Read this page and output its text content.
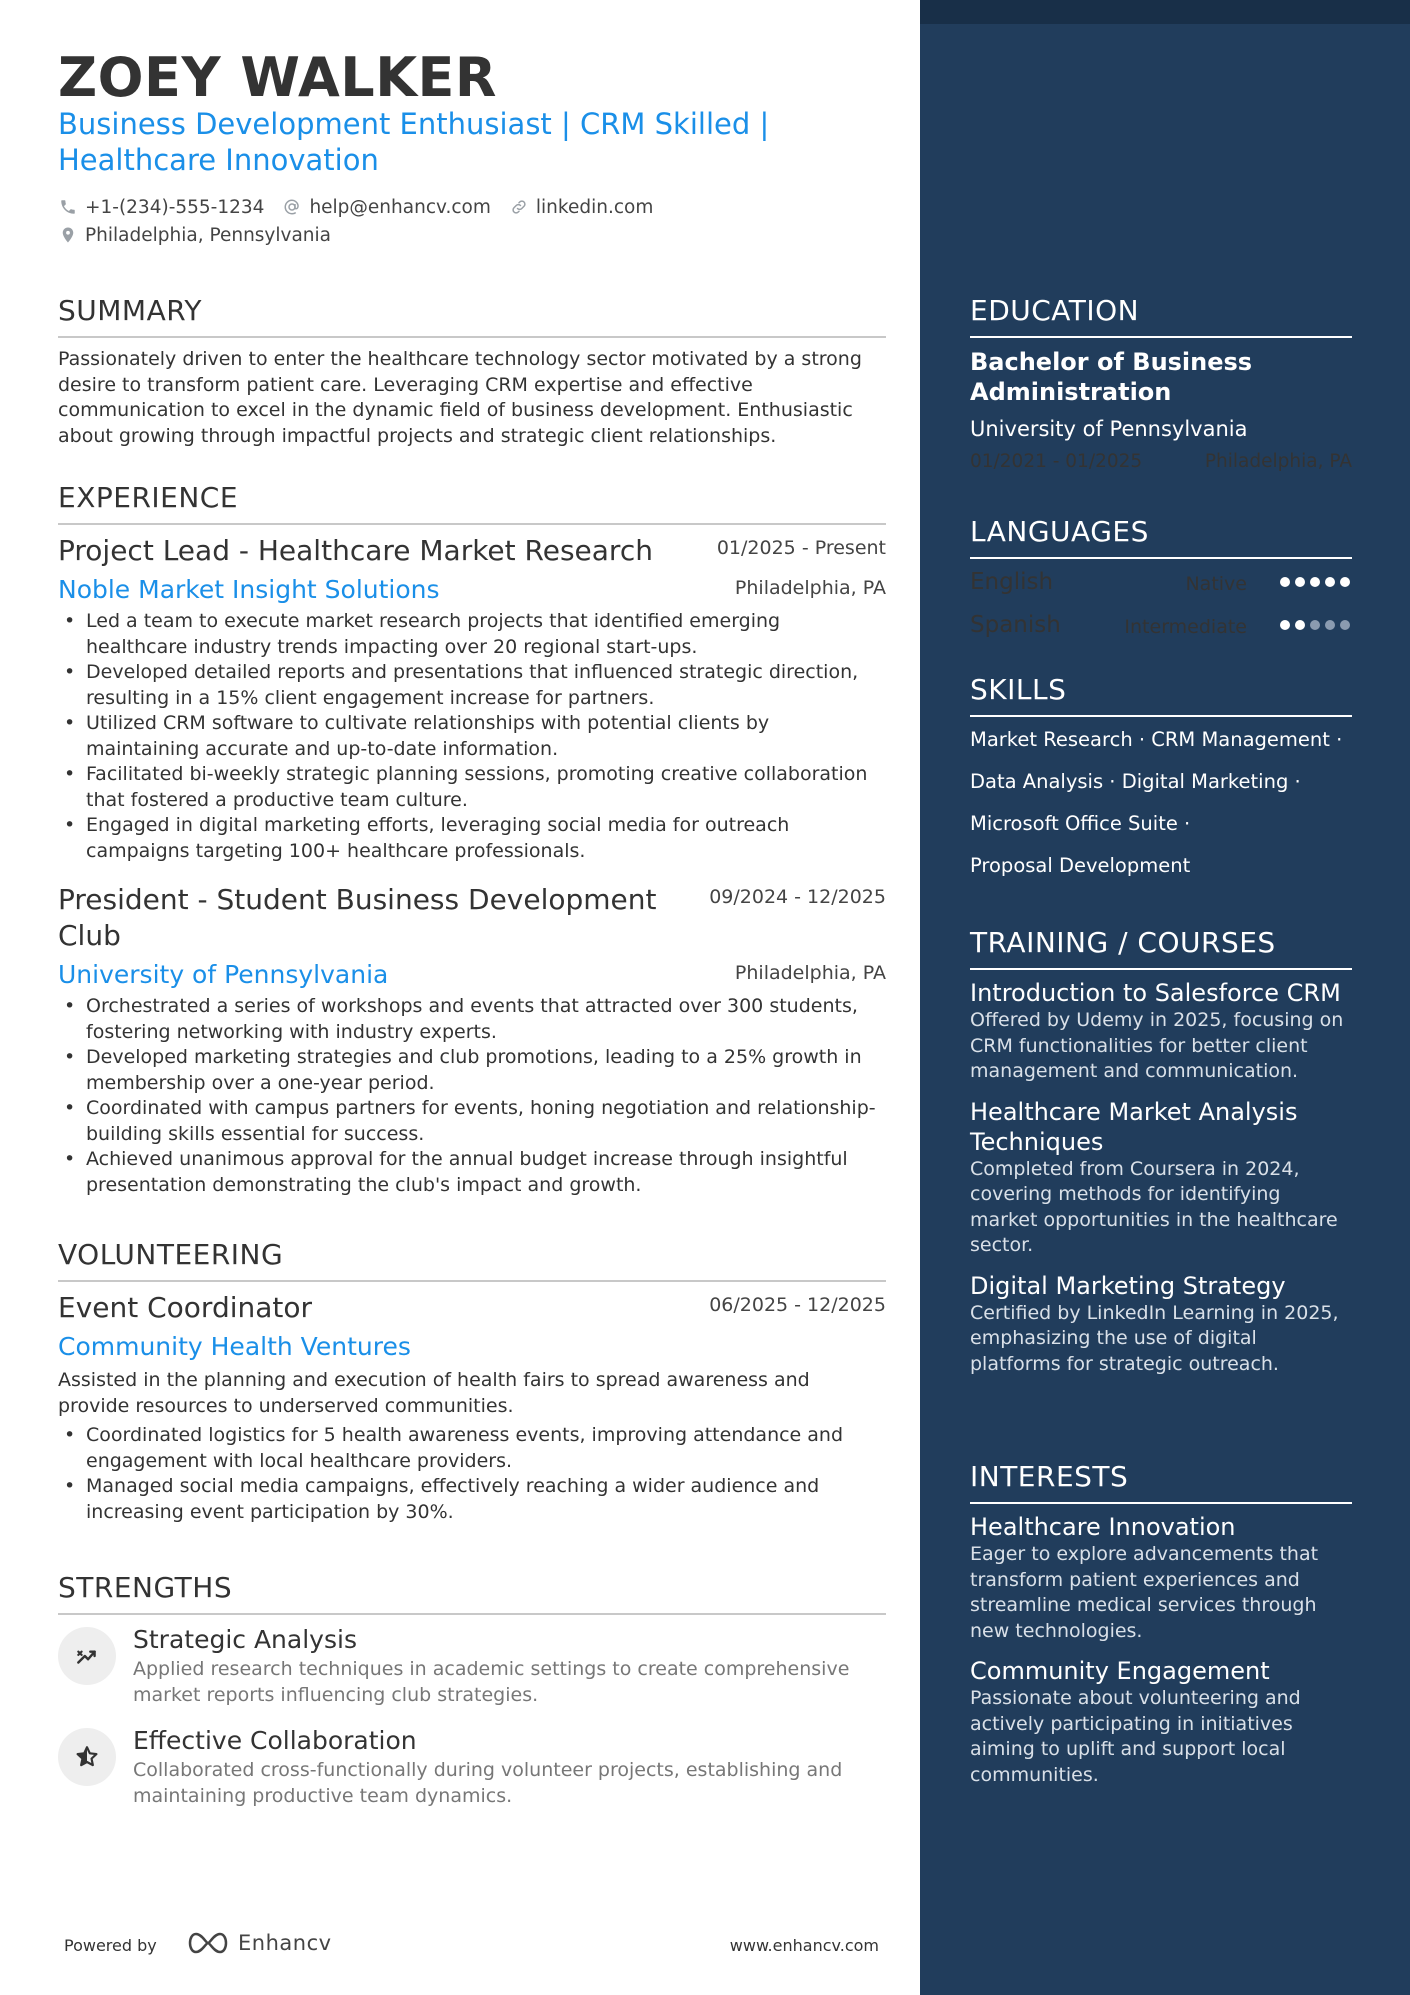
ZOEY WALKER
Business Development Enthusiast | CRM Skilled | Healthcare Innovation
+1-(234)-555-1234 help@enhancv.com linkedin.com
Philadelphia, Pennsylvania
SUMMARY
Passionately driven to enter the healthcare technology sector motivated by a strong desire to transform patient care. Leveraging CRM expertise and effective communication to excel in the dynamic field of business development. Enthusiastic about growing through impactful projects and strategic client relationships.
EXPERIENCE
Project Lead - Healthcare Market Research	01/2025 - Present
Noble Market Insight Solutions	Philadelphia, PA
• Led a team to execute market research projects that identified emerging healthcare industry trends impacting over 20 regional start-ups.
• Developed detailed reports and presentations that influenced strategic direction, resulting in a 15% client engagement increase for partners.
• Utilized CRM software to cultivate relationships with potential clients by maintaining accurate and up-to-date information.
• Facilitated bi-weekly strategic planning sessions, promoting creative collaboration that fostered a productive team culture.
• Engaged in digital marketing efforts, leveraging social media for outreach campaigns targeting 100+ healthcare professionals.
President - Student Business Development Club
09/2024 - 12/2025
University of Pennsylvania	Philadelphia, PA
• Orchestrated a series of workshops and events that attracted over 300 students, fostering networking with industry experts.
• Developed marketing strategies and club promotions, leading to a 25% growth in membership over a one-year period.
• Coordinated with campus partners for events, honing negotiation and relationship-building skills essential for success.
• Achieved unanimous approval for the annual budget increase through insightful presentation demonstrating the club's impact and growth.
VOLUNTEERING
Event Coordinator	06/2025 - 12/2025
Community Health Ventures
Assisted in the planning and execution of health fairs to spread awareness and provide resources to underserved communities.
• Coordinated logistics for 5 health awareness events, improving attendance and engagement with local healthcare providers.
• Managed social media campaigns, effectively reaching a wider audience and increasing event participation by 30%.
STRENGTHS
Strategic Analysis
Applied research techniques in academic settings to create comprehensive market reports influencing club strategies.
Effective Collaboration
Collaborated cross-functionally during volunteer projects, establishing and maintaining productive team dynamics.
Powered by	Enhancv	www.enhancv.com
EDUCATION
Bachelor of Business Administration
University of Pennsylvania
01/2021 - 01/2025	Philadelphia, PA
LANGUAGES
English	Native
Spanish	Intermediate
SKILLS
Market Research · CRM Management ·
Data Analysis · Digital Marketing ·
Microsoft Office Suite ·
Proposal Development
TRAINING / COURSES
Introduction to Salesforce CRM
Offered by Udemy in 2025, focusing on CRM functionalities for better client management and communication.
Healthcare Market Analysis Techniques
Completed from Coursera in 2024, covering methods for identifying market opportunities in the healthcare sector.
Digital Marketing Strategy
Certified by LinkedIn Learning in 2025, emphasizing the use of digital platforms for strategic outreach.
INTERESTS
Healthcare Innovation
Eager to explore advancements that transform patient experiences and streamline medical services through new technologies.
Community Engagement
Passionate about volunteering and actively participating in initiatives aiming to uplift and support local communities.
